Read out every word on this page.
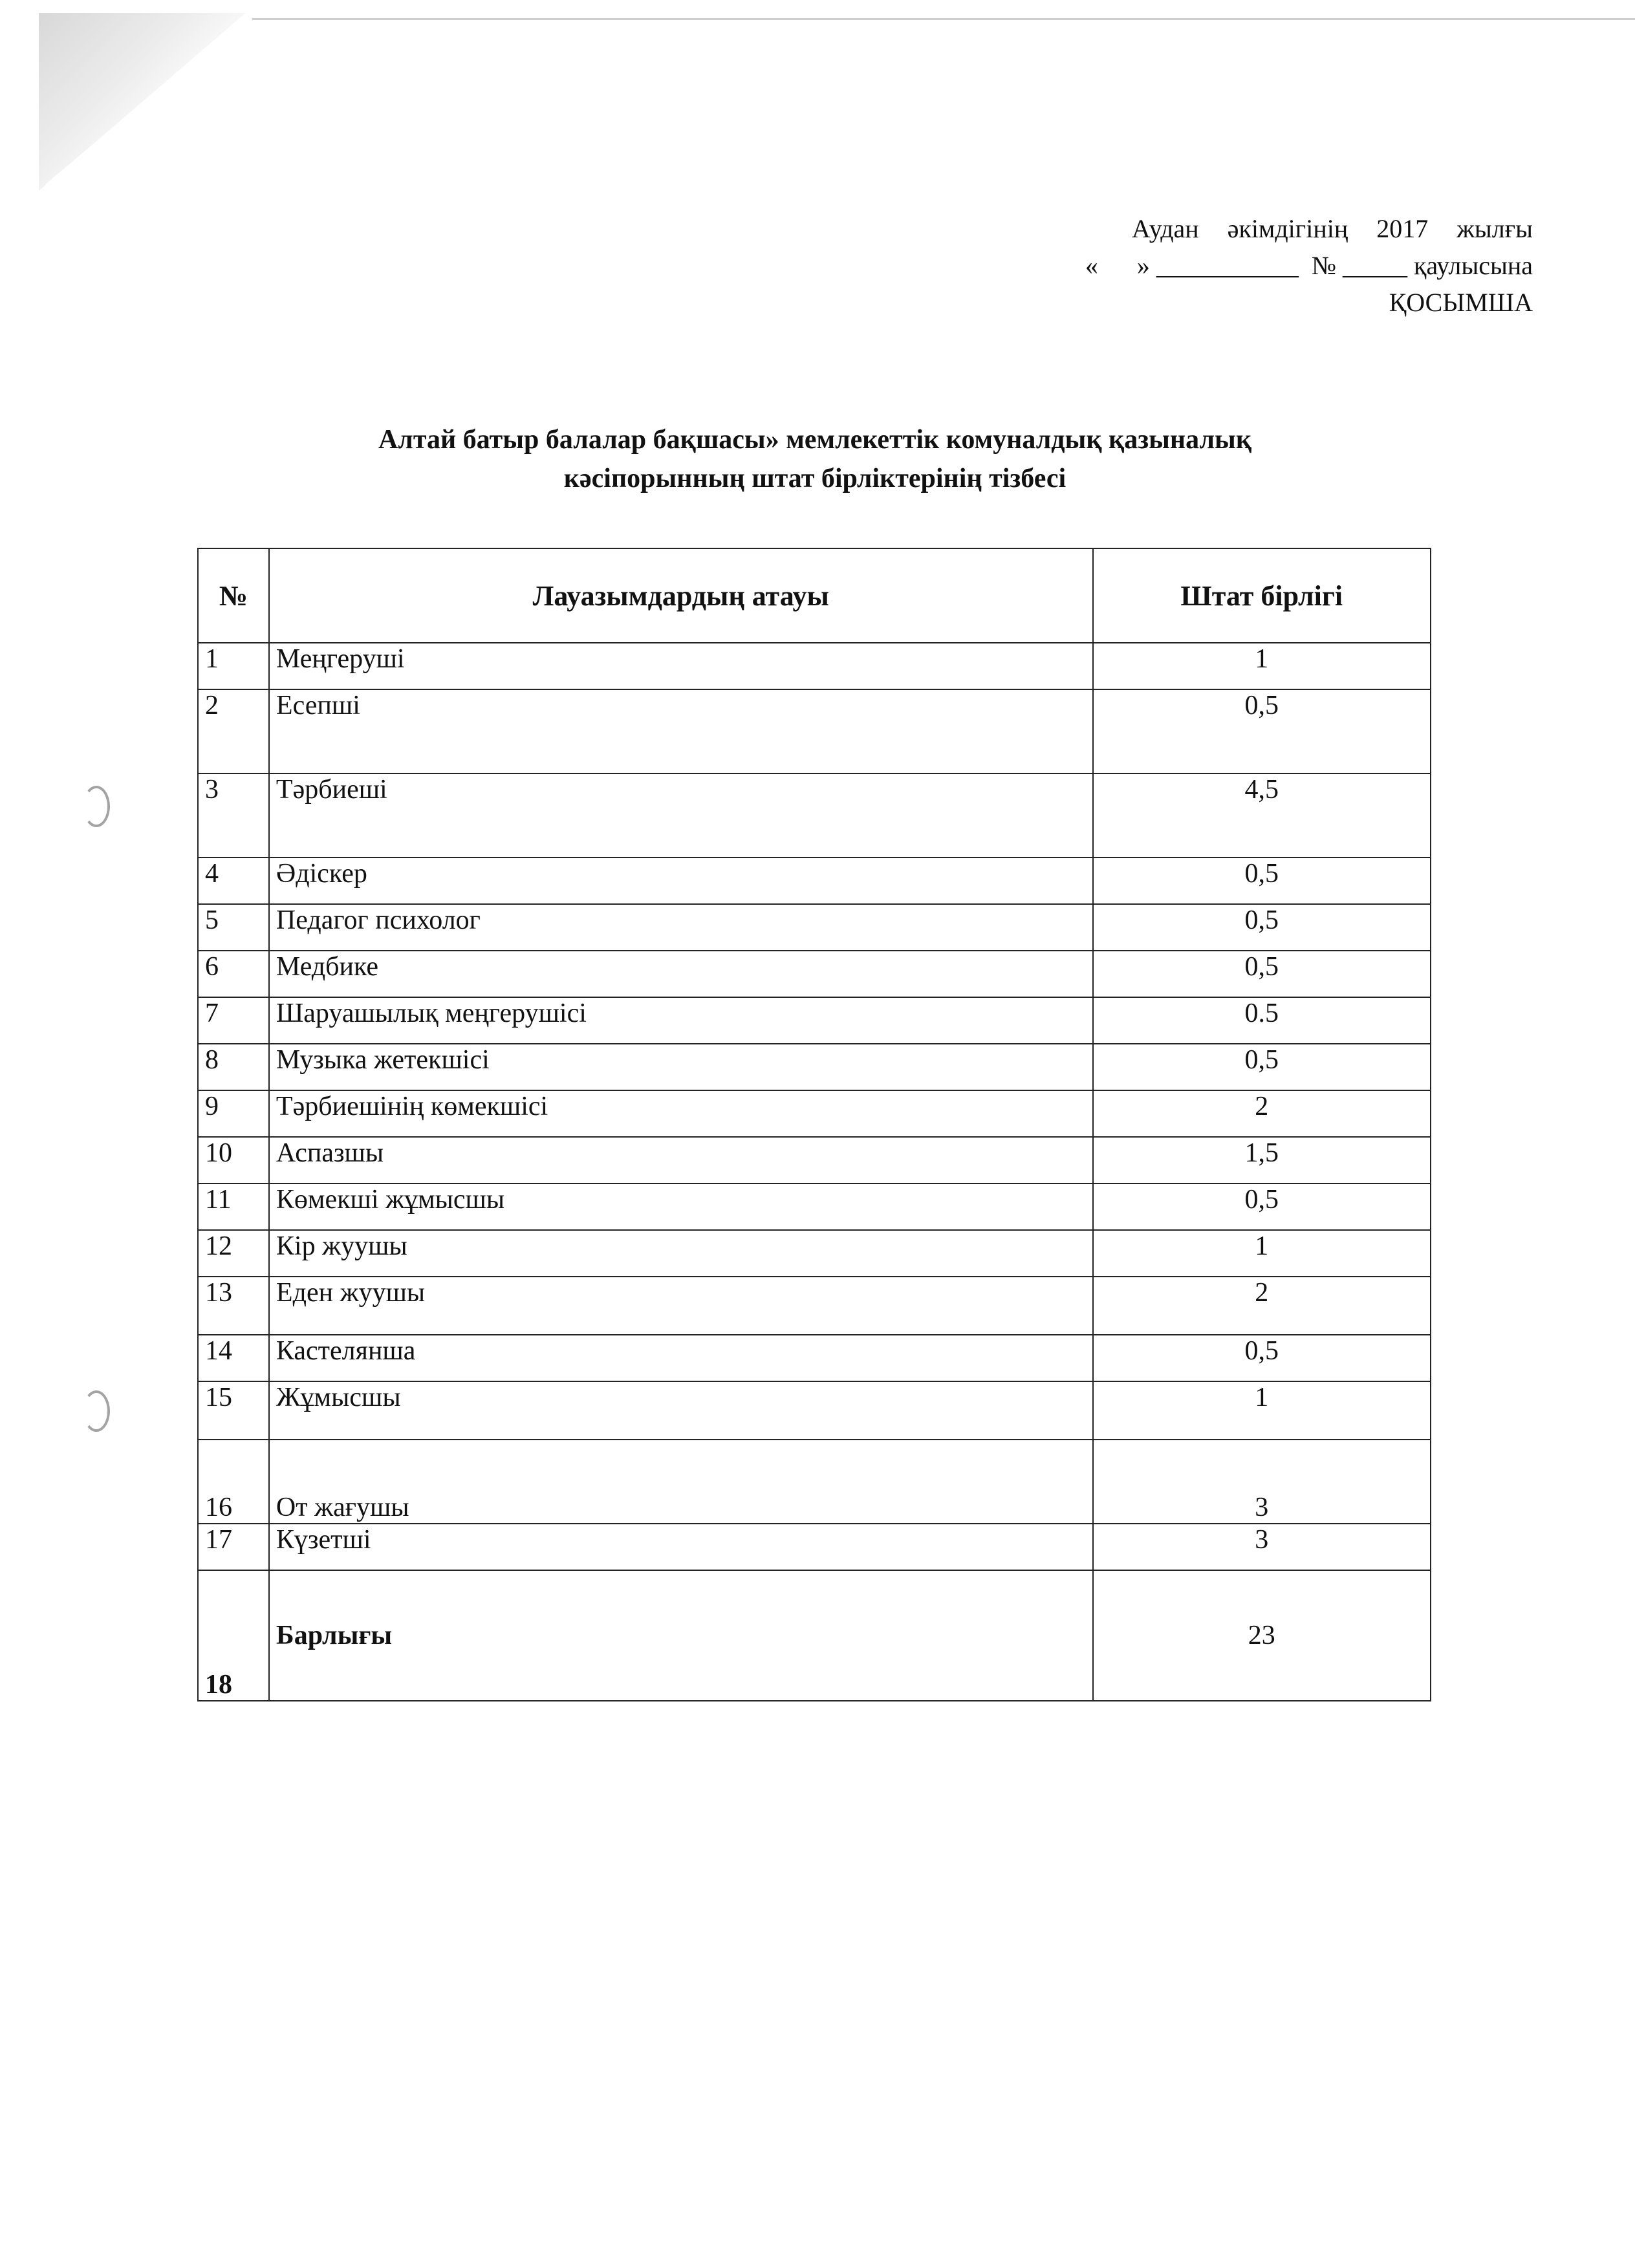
Аудан  әкімдігінің  2017  жылғы
«      » ___________  № _____ қаулысына
ҚОСЫМША
Алтай батыр балалар бақшасы» мемлекеттік комуналдық қазыналық
кәсіпорынның штат бірліктерінің тізбесі
№	Лауазымдардың атауы	Штат бірлігі
1	Меңгеруші	1
2	Есепші	0,5
3	Тәрбиеші	4,5
4	Әдіскер	0,5
5	Педагог психолог	0,5
6	Медбике	0,5
7	Шаруашылық меңгерушісі	0.5
8	Музыка жетекшісі	0,5
9	Тәрбиешінің көмекшісі	2
10	Аспазшы	1,5
11	Көмекші жұмысшы	0,5
12	Кір жуушы	1
13	Еден жуушы	2
14	Кастелянша	0,5
15	Жұмысшы	1
16	От жағушы	3
17	Күзетші	3
18	Барлығы	23
